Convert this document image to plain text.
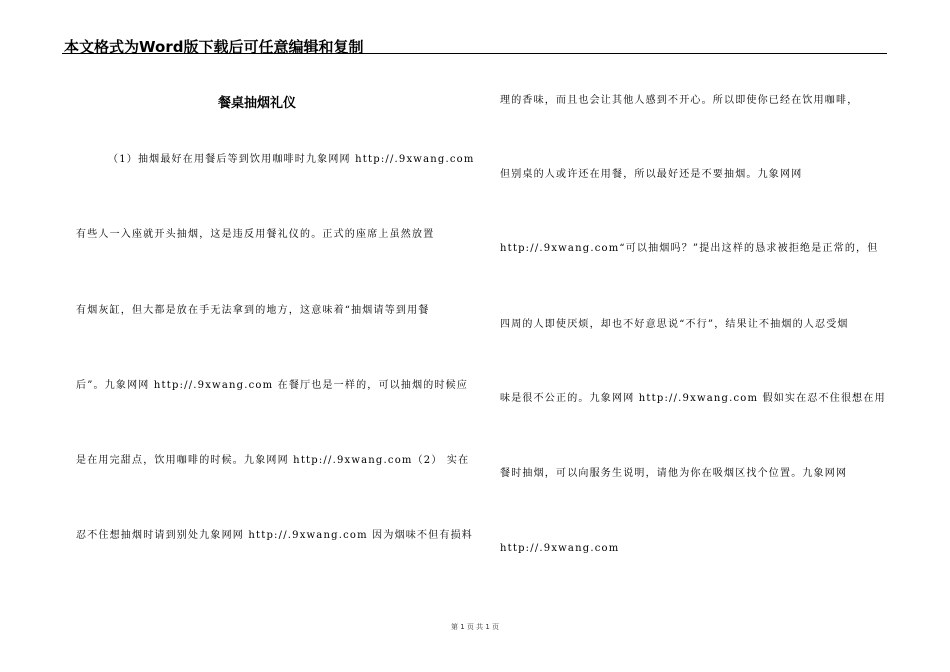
本文格式为Word版下载后可任意编辑和复制
餐桌抽烟礼仪
（1）抽烟最好在用餐后等到饮用咖啡时九象网网 http://.9xwang.com
有些人一入座就开头抽烟，这是违反用餐礼仪的。正式的座席上虽然放置
有烟灰缸，但大都是放在手无法拿到的地方，这意味着“抽烟请等到用餐
后”。九象网网 http://.9xwang.com 在餐厅也是一样的，可以抽烟的时候应
是在用完甜点，饮用咖啡的时候。九象网网 http://.9xwang.com（2） 实在
忍不住想抽烟时请到别处九象网网 http://.9xwang.com 因为烟味不但有损料
理的香味，而且也会让其他人感到不开心。所以即使你已经在饮用咖啡，
但别桌的人或许还在用餐，所以最好还是不要抽烟。九象网网
http://.9xwang.com“可以抽烟吗？”提出这样的恳求被拒绝是正常的，但
四周的人即使厌烦，却也不好意思说“不行”，结果让不抽烟的人忍受烟
味是很不公正的。九象网网 http://.9xwang.com 假如实在忍不住很想在用
餐时抽烟，可以向服务生说明，请他为你在吸烟区找个位置。九象网网
http://.9xwang.com
第 1 页 共 1 页
